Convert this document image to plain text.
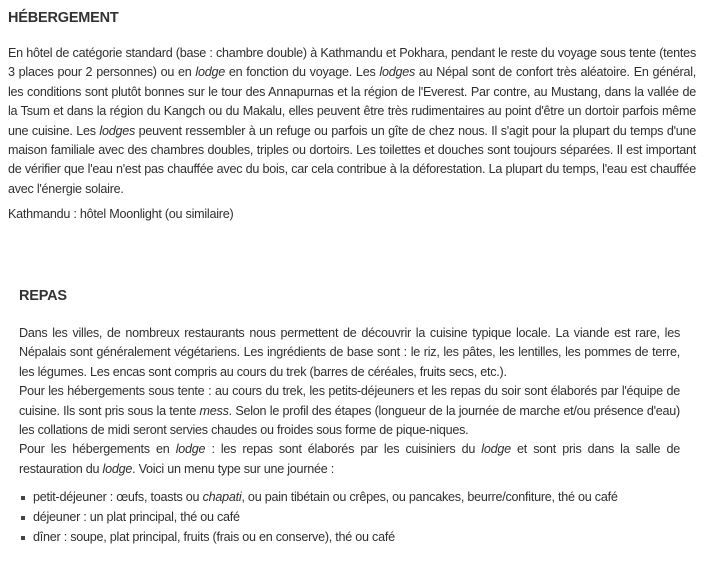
HÉBERGEMENT

En hôtel de catégorie standard (base : chambre double) à Kathmandu et Pokhara, pendant le reste du voyage sous tente (tentes 3 places pour 2 personnes) ou en lodge en fonction du voyage. Les lodges au Népal sont de confort très aléatoire. En général, les conditions sont plutôt bonnes sur le tour des Annapurnas et la région de l'Everest. Par contre, au Mustang, dans la vallée de la Tsum et dans la région du Kangch ou du Makalu, elles peuvent être très rudimentaires au point d'être un dortoir parfois même une cuisine. Les lodges peuvent ressembler à un refuge ou parfois un gîte de chez nous. Il s'agit pour la plupart du temps d'une maison familiale avec des chambres doubles, triples ou dortoirs. Les toilettes et douches sont toujours séparées. Il est important de vérifier que l'eau n'est pas chauffée avec du bois, car cela contribue à la déforestation. La plupart du temps, l'eau est chauffée avec l'énergie solaire.

Kathmandu : hôtel Moonlight (ou similaire)

REPAS

Dans les villes, de nombreux restaurants nous permettent de découvrir la cuisine typique locale. La viande est rare, les Népalais sont généralement végétariens. Les ingrédients de base sont : le riz, les pâtes, les lentilles, les pommes de terre, les légumes. Les encas sont compris au cours du trek (barres de céréales, fruits secs, etc.).

Pour les hébergements sous tente : au cours du trek, les petits-déjeuners et les repas du soir sont élaborés par l'équipe de cuisine. Ils sont pris sous la tente mess. Selon le profil des étapes (longueur de la journée de marche et/ou présence d'eau) les collations de midi seront servies chaudes ou froides sous forme de pique-niques.

Pour les hébergements en lodge : les repas sont élaborés par les cuisiniers du lodge et sont pris dans la salle de restauration du lodge. Voici un menu type sur une journée :

petit-déjeuner : œufs, toasts ou chapati, ou pain tibétain ou crêpes, ou pancakes, beurre/confiture, thé ou café
déjeuner : un plat principal, thé ou café
dîner : soupe, plat principal, fruits (frais ou en conserve), thé ou café
